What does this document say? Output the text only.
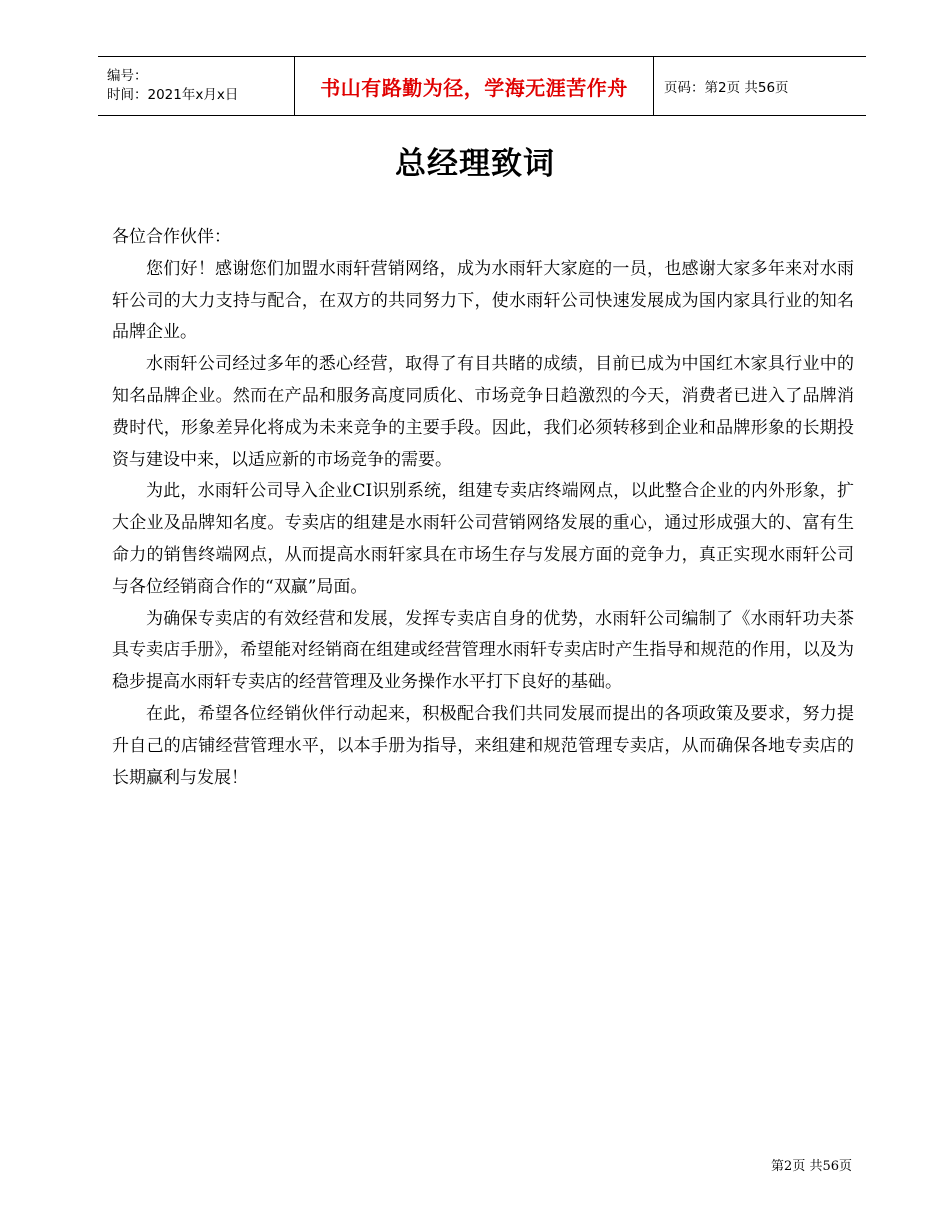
编号：
时间：2021年x月x日	书山有路勤为径，学海无涯苦作舟	页码：第2页 共56页
总经理致词

各位合作伙伴：

您们好！感谢您们加盟水雨轩营销网络，成为水雨轩大家庭的一员，也感谢大家多年来对水雨轩公司的大力支持与配合，在双方的共同努力下，使水雨轩公司快速发展成为国内家具行业的知名品牌企业。

水雨轩公司经过多年的悉心经营，取得了有目共睹的成绩，目前已成为中国红木家具行业中的知名品牌企业。然而在产品和服务高度同质化、市场竞争日趋激烈的今天，消费者已进入了品牌消费时代，形象差异化将成为未来竞争的主要手段。因此，我们必须转移到企业和品牌形象的长期投资与建设中来，以适应新的市场竞争的需要。

为此，水雨轩公司导入企业CI识别系统，组建专卖店终端网点，以此整合企业的内外形象，扩大企业及品牌知名度。专卖店的组建是水雨轩公司营销网络发展的重心，通过形成强大的、富有生命力的销售终端网点，从而提高水雨轩家具在市场生存与发展方面的竞争力，真正实现水雨轩公司与各位经销商合作的“双赢”局面。

为确保专卖店的有效经营和发展，发挥专卖店自身的优势，水雨轩公司编制了《水雨轩功夫茶具专卖店手册》，希望能对经销商在组建或经营管理水雨轩专卖店时产生指导和规范的作用，以及为稳步提高水雨轩专卖店的经营管理及业务操作水平打下良好的基础。

在此，希望各位经销伙伴行动起来，积极配合我们共同发展而提出的各项政策及要求，努力提升自己的店铺经营管理水平，以本手册为指导，来组建和规范管理专卖店，从而确保各地专卖店的长期赢利与发展！

第2页 共56页
